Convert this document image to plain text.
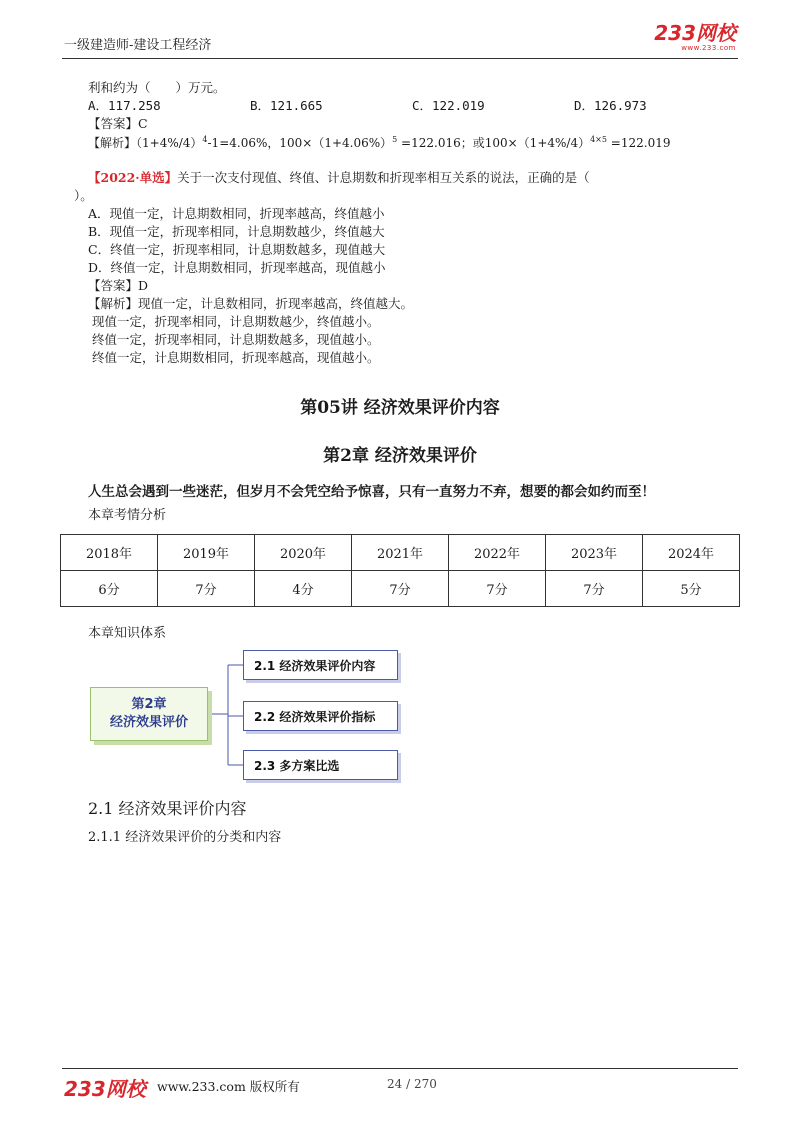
一级建造师-建设工程经济
233网校
www.233.com
利和约为（　　）万元。
A．117.258	B．121.665	C．122.019	D．126.973
【答案】C
【解析】$(1+4\%/4)^4-1=4.06\%$，$100\times(1+4.06\%)^5 =122.016$；或$100\times(1+4\%/4)^{4\times 5} =122.019$
【2022·单选】关于一次支付现值、终值、计息期数和折现率相互关系的说法，正确的是（
）。
A．现值一定，计息期数相同，折现率越高，终值越小
B．现值一定，折现率相同，计息期数越少，终值越大
C．终值一定，折现率相同，计息期数越多，现值越大
D．终值一定，计息期数相同，折现率越高，现值越小
【答案】D
【解析】现值一定，计息数相同，折现率越高，终值越大。
现值一定，折现率相同，计息期数越少，终值越小。
终值一定，折现率相同，计息期数越多，现值越小。
终值一定，计息期数相同，折现率越高，现值越小。
第05讲 经济效果评价内容
第2章 经济效果评价
人生总会遇到一些迷茫，但岁月不会凭空给予惊喜，只有一直努力不弃，想要的都会如约而至！
本章考情分析
2018年	2019年	2020年	2021年	2022年	2023年	2024年
6分	7分	4分	7分	7分	7分	5分
本章知识体系
第2章
经济效果评价
2.1 经济效果评价内容
2.2 经济效果评价指标
2.3 多方案比选
2.1 经济效果评价内容
2.1.1 经济效果评价的分类和内容
233网校 www.233.com 版权所有	24 / 270
